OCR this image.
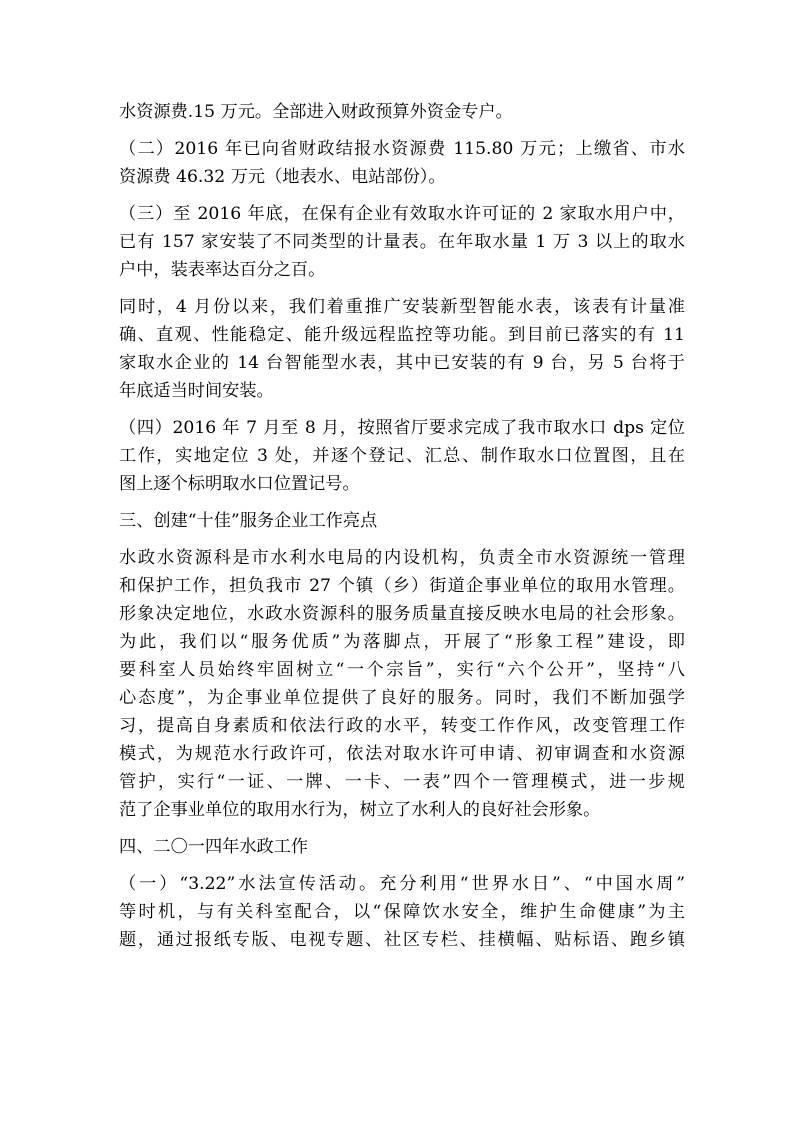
水资源费.15 万元。全部进入财政预算外资金专户。
（二）2016 年已向省财政结报水资源费 115.80 万元；上缴省、市水
资源费 46.32 万元（地表水、电站部份）。
（三）至 2016 年底，在保有企业有效取水许可证的 2 家取水用户中，
已有 157 家安装了不同类型的计量表。在年取水量 1 万 3 以上的取水
户中，装表率达百分之百。
同时，4 月份以来，我们着重推广安装新型智能水表，该表有计量准
确、直观、性能稳定、能升级远程监控等功能。到目前已落实的有 11
家取水企业的 14 台智能型水表，其中已安装的有 9 台，另 5 台将于
年底适当时间安装。
（四）2016 年 7 月至 8 月，按照省厅要求完成了我市取水口 dps 定位
工作，实地定位 3 处，并逐个登记、汇总、制作取水口位置图，且在
图上逐个标明取水口位置记号。
三、创建“十佳”服务企业工作亮点
水政水资源科是市水利水电局的内设机构，负责全市水资源统一管理
和保护工作，担负我市 27 个镇（乡）街道企事业单位的取用水管理。
形象决定地位，水政水资源科的服务质量直接反映水电局的社会形象。
为此，我们以“服务优质”为落脚点，开展了“形象工程”建设，即
要科室人员始终牢固树立“一个宗旨”，实行“六个公开”，坚持“八
心态度”，为企事业单位提供了良好的服务。同时，我们不断加强学
习，提高自身素质和依法行政的水平，转变工作作风，改变管理工作
模式，为规范水行政许可，依法对取水许可申请、初审调查和水资源
管护，实行“一证、一牌、一卡、一表”四个一管理模式，进一步规
范了企事业单位的取用水行为，树立了水利人的良好社会形象。
四、二〇一四年水政工作
（一）“3.22”水法宣传活动。充分利用“世界水日”、“中国水周”
等时机，与有关科室配合，以“保障饮水安全，维护生命健康”为主
题，通过报纸专版、电视专题、社区专栏、挂横幅、贴标语、跑乡镇
